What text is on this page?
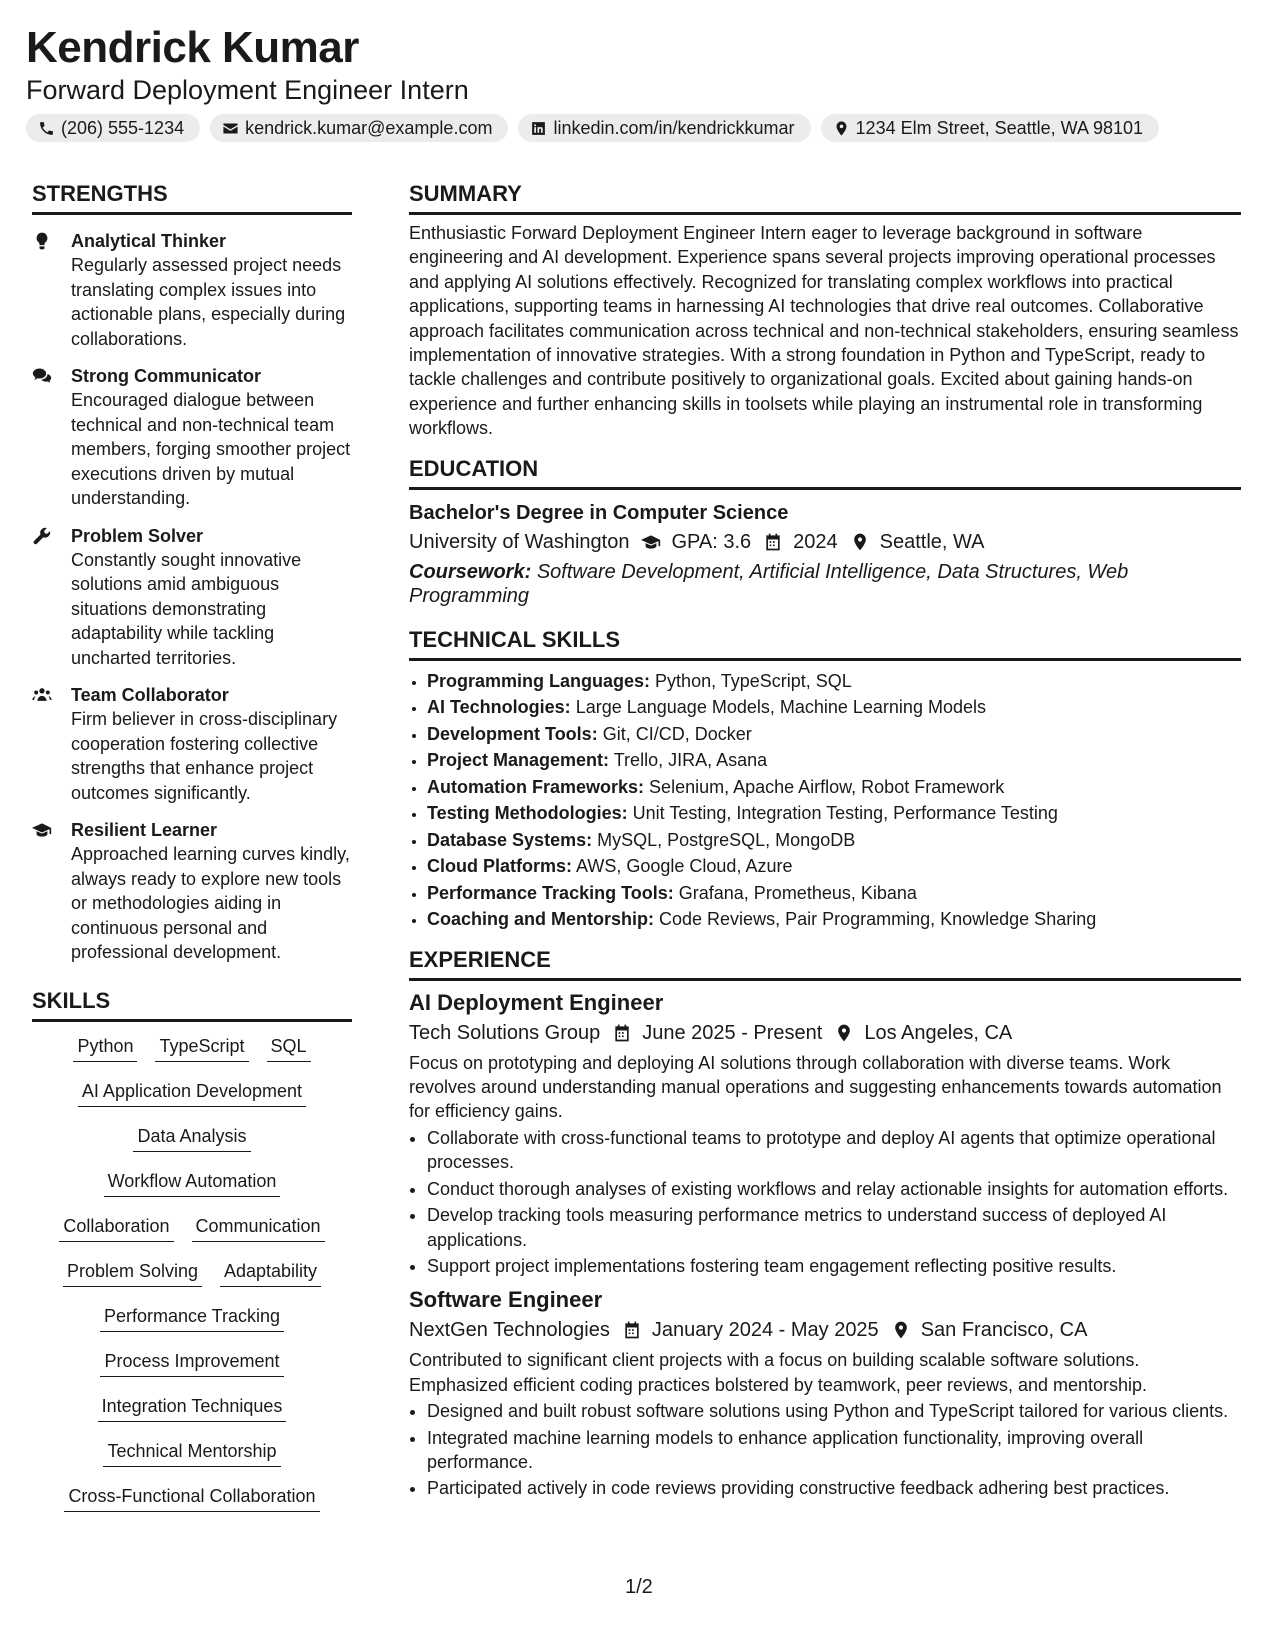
Kendrick Kumar
Forward Deployment Engineer Intern
(206) 555-1234	kendrick.kumar@example.com	linkedin.com/in/kendrickkumar	1234 Elm Street, Seattle, WA 98101
STRENGTHS
Analytical Thinker
Regularly assessed project needs translating complex issues into actionable plans, especially during collaborations.
Strong Communicator
Encouraged dialogue between technical and non-technical team members, forging smoother project executions driven by mutual understanding.
Problem Solver
Constantly sought innovative solutions amid ambiguous situations demonstrating adaptability while tackling uncharted territories.
Team Collaborator
Firm believer in cross-disciplinary cooperation fostering collective strengths that enhance project outcomes significantly.
Resilient Learner
Approached learning curves kindly, always ready to explore new tools or methodologies aiding in continuous personal and professional development.
SKILLS
Python TypeScript SQL
AI Application Development
Data Analysis
Workflow Automation
Collaboration Communication
Problem Solving Adaptability
Performance Tracking
Process Improvement
Integration Techniques
Technical Mentorship
Cross-Functional Collaboration
SUMMARY

Enthusiastic Forward Deployment Engineer Intern eager to leverage background in software engineering and AI development. Experience spans several projects improving operational processes and applying AI solutions effectively. Recognized for translating complex workflows into practical applications, supporting teams in harnessing AI technologies that drive real outcomes. Collaborative approach facilitates communication across technical and non-technical stakeholders, ensuring seamless implementation of innovative strategies. With a strong foundation in Python and TypeScript, ready to tackle challenges and contribute positively to organizational goals. Excited about gaining hands-on experience and further enhancing skills in toolsets while playing an instrumental role in transforming workflows.

EDUCATION
Bachelor's Degree in Computer Science
University of Washington GPA: 3.6 2024 Seattle, WA
Coursework: Software Development, Artificial Intelligence, Data Structures, Web Programming
TECHNICAL SKILLS
• Programming Languages: Python, TypeScript, SQL
• AI Technologies: Large Language Models, Machine Learning Models
• Development Tools: Git, CI/CD, Docker
• Project Management: Trello, JIRA, Asana
• Automation Frameworks: Selenium, Apache Airflow, Robot Framework
• Testing Methodologies: Unit Testing, Integration Testing, Performance Testing
• Database Systems: MySQL, PostgreSQL, MongoDB
• Cloud Platforms: AWS, Google Cloud, Azure
• Performance Tracking Tools: Grafana, Prometheus, Kibana
• Coaching and Mentorship: Code Reviews, Pair Programming, Knowledge Sharing
EXPERIENCE
AI Deployment Engineer
Tech Solutions Group June 2025 - Present Los Angeles, CA
Focus on prototyping and deploying AI solutions through collaboration with diverse teams. Work revolves around understanding manual operations and suggesting enhancements towards automation for efficiency gains.
• Collaborate with cross-functional teams to prototype and deploy AI agents that optimize operational processes.
• Conduct thorough analyses of existing workflows and relay actionable insights for automation efforts.
• Develop tracking tools measuring performance metrics to understand success of deployed AI applications.
• Support project implementations fostering team engagement reflecting positive results.
Software Engineer
NextGen Technologies January 2024 - May 2025 San Francisco, CA
Contributed to significant client projects with a focus on building scalable software solutions. Emphasized efficient coding practices bolstered by teamwork, peer reviews, and mentorship.
• Designed and built robust software solutions using Python and TypeScript tailored for various clients.
• Integrated machine learning models to enhance application functionality, improving overall performance.
• Participated actively in code reviews providing constructive feedback adhering best practices.
1/2
